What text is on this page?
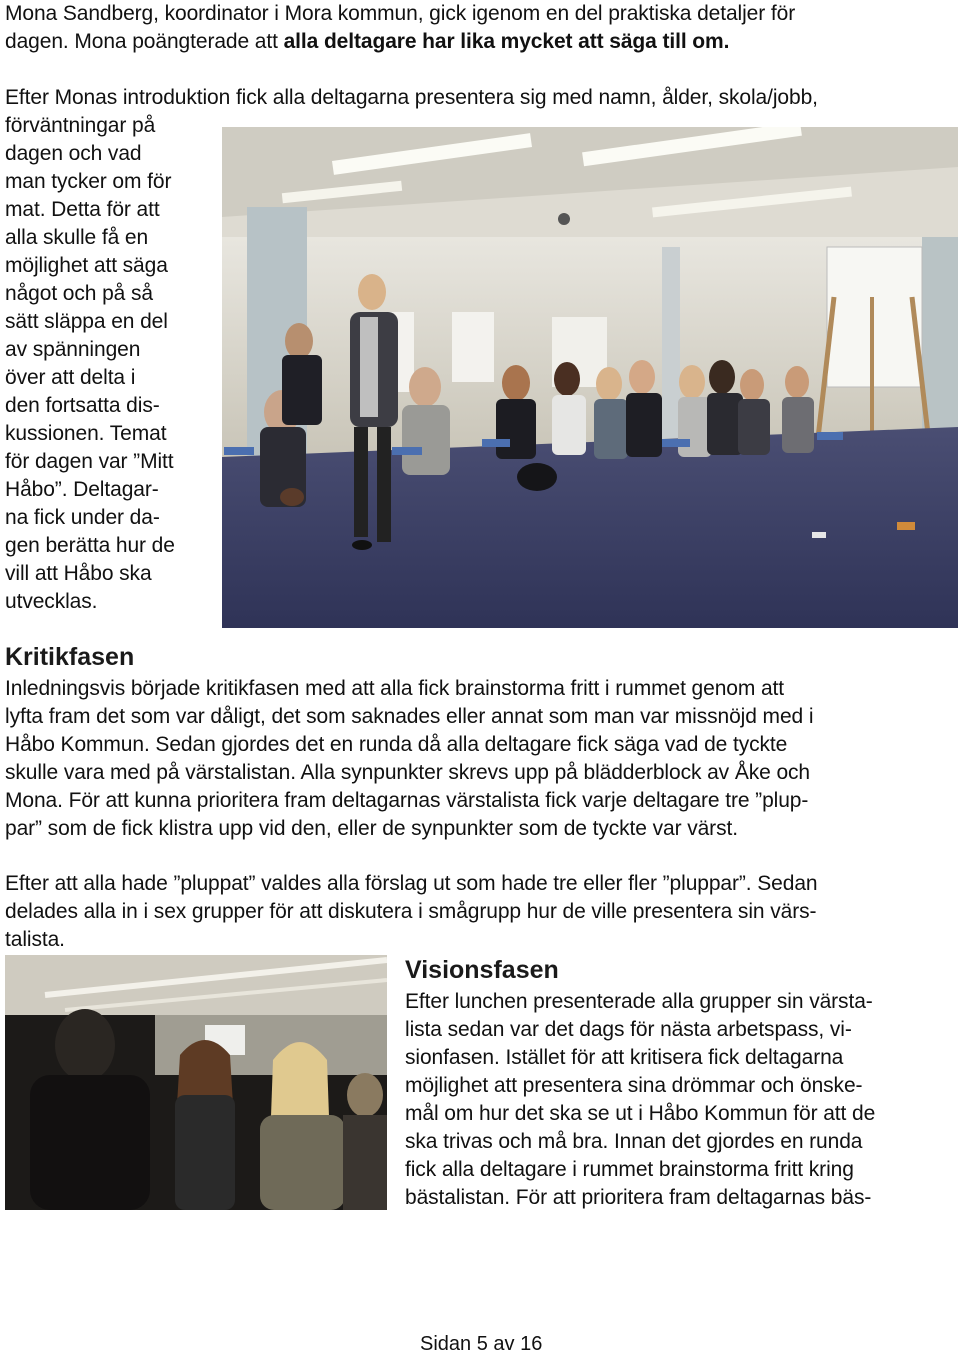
Mona Sandberg, koordinator i Mora kommun, gick igenom en del praktiska detaljer för

dagen. Mona poängterade att alla deltagare har lika mycket att säga till om.

Efter Monas introduktion fick alla deltagarna presentera sig med namn, ålder, skola/jobb,

förväntningar på
dagen och vad
man tycker om för
mat. Detta för att
alla skulle få en
möjlighet att säga
något och på så
sätt släppa en del
av spänningen
över att delta i
den fortsatta dis-
kussionen. Temat
för dagen var ”Mitt
Håbo”. Deltagar-
na fick under da-
gen berätta hur de
vill att Håbo ska
utvecklas.
Kritikfasen
Inledningsvis började kritikfasen med att alla fick brainstorma fritt i rummet genom att
lyfta fram det som var dåligt, det som saknades eller annat som man var missnöjd med i
Håbo Kommun. Sedan gjordes det en runda då alla deltagare fick säga vad de tyckte
skulle vara med på värstalistan. Alla synpunkter skrevs upp på blädderblock av Åke och
Mona. För att kunna prioritera fram deltagarnas värstalista fick varje deltagare tre ”plup-
par” som de fick klistra upp vid den, eller de synpunkter som de tyckte var värst.
Efter att alla hade ”pluppat” valdes alla förslag ut som hade tre eller fler ”pluppar”. Sedan
delades alla in i sex grupper för att diskutera i smågrupp hur de ville presentera sin värs-
talista.
Visionsfasen
Efter lunchen presenterade alla grupper sin värsta-
lista sedan var det dags för nästa arbetspass, vi-
sionfasen. Istället för att kritisera fick deltagarna
möjlighet att presentera sina drömmar och önske-
mål om hur det ska se ut i Håbo Kommun för att de
ska trivas och må bra. Innan det gjordes en runda
fick alla deltagare i rummet brainstorma fritt kring
bästalistan. För att prioritera fram deltagarnas bäs-
Sidan 5 av 16
